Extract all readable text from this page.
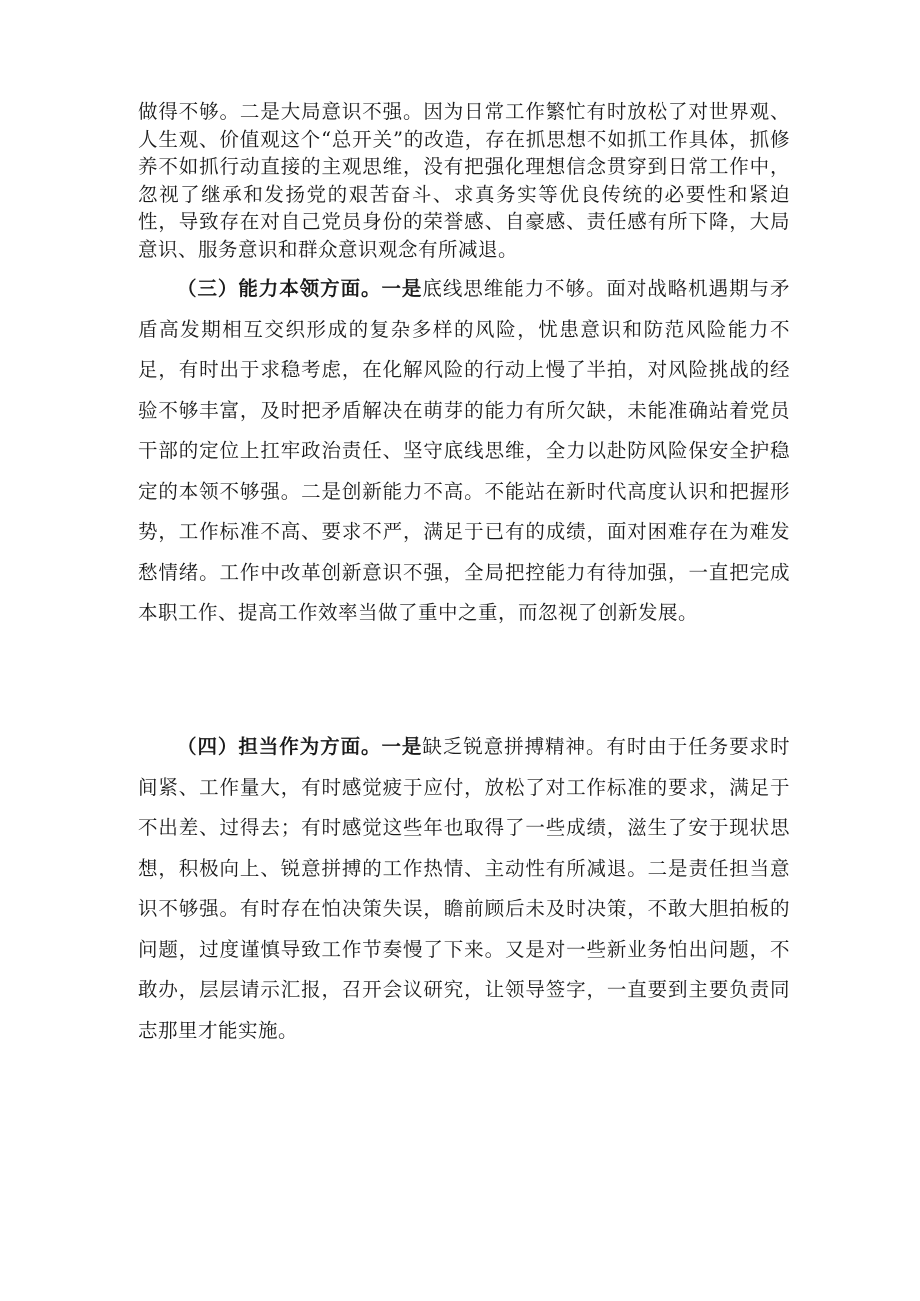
做得不够。二是大局意识不强。因为日常工作繁忙有时放松了对世界观、人生观、价值观这个“总开关”的改造，存在抓思想不如抓工作具体，抓修养不如抓行动直接的主观思维，没有把强化理想信念贯穿到日常工作中，忽视了继承和发扬党的艰苦奋斗、求真务实等优良传统的必要性和紧迫性，导致存在对自己党员身份的荣誉感、自豪感、责任感有所下降，大局意识、服务意识和群众意识观念有所减退。

（三）能力本领方面。一是底线思维能力不够。面对战略机遇期与矛盾高发期相互交织形成的复杂多样的风险，忧患意识和防范风险能力不足，有时出于求稳考虑，在化解风险的行动上慢了半拍，对风险挑战的经验不够丰富，及时把矛盾解决在萌芽的能力有所欠缺，未能准确站着党员干部的定位上扛牢政治责任、坚守底线思维，全力以赴防风险保安全护稳定的本领不够强。二是创新能力不高。不能站在新时代高度认识和把握形势，工作标准不高、要求不严，满足于已有的成绩，面对困难存在为难发愁情绪。工作中改革创新意识不强，全局把控能力有待加强，一直把完成本职工作、提高工作效率当做了重中之重，而忽视了创新发展。

（四）担当作为方面。一是缺乏锐意拼搏精神。有时由于任务要求时间紧、工作量大，有时感觉疲于应付，放松了对工作标准的要求，满足于不出差、过得去；有时感觉这些年也取得了一些成绩，滋生了安于现状思想，积极向上、锐意拼搏的工作热情、主动性有所减退。二是责任担当意识不够强。有时存在怕决策失误，瞻前顾后未及时决策，不敢大胆拍板的问题，过度谨慎导致工作节奏慢了下来。又是对一些新业务怕出问题，不敢办，层层请示汇报，召开会议研究，让领导签字，一直要到主要负责同志那里才能实施。
